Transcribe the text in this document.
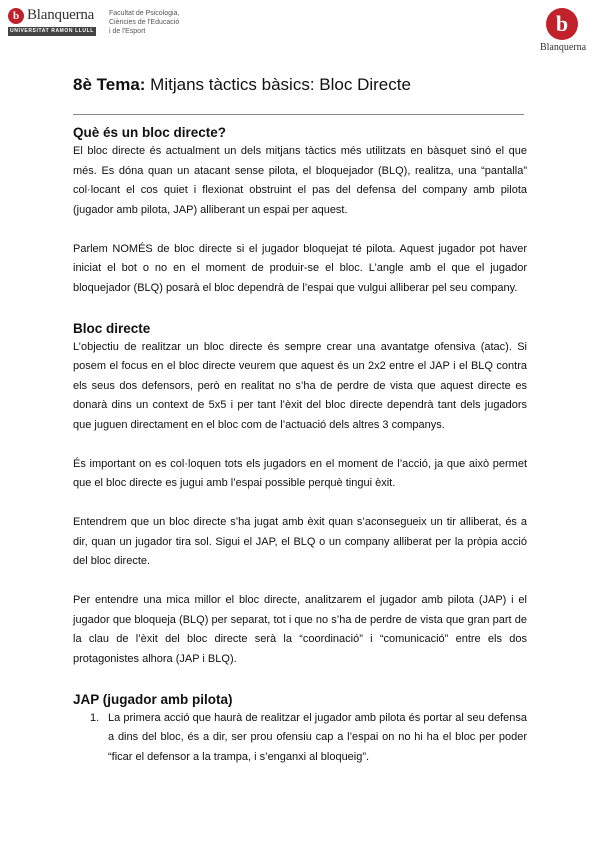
b Blanquerna
UNIVERSITAT RAMON LLULL
Facultat de Psicologia,
Ciències de l'Educació
i de l'Esport	b
Blanquerna
8è Tema: Mitjans tàctics bàsics: Bloc Directe
Què és un bloc directe?

El bloc directe és actualment un dels mitjans tàctics més utilitzats en bàsquet sinó el que més. Es dóna quan un atacant sense pilota, el bloquejador (BLQ), realitza, una “pantalla” col·locant el cos quiet i flexionat obstruint el pas del defensa del company amb pilota (jugador amb pilota, JAP) alliberant un espai per aquest.

Parlem NOMÉS de bloc directe si el jugador bloquejat té pilota. Aquest jugador pot haver iniciat el bot o no en el moment de produir-se el bloc. L’angle amb el que el jugador bloquejador (BLQ) posarà el bloc dependrà de l’espai que vulgui alliberar pel seu company.

Bloc directe

L’objectiu de realitzar un bloc directe és sempre crear una avantatge ofensiva (atac). Si posem el focus en el bloc directe veurem que aquest és un 2x2 entre el JAP i el BLQ contra els seus dos defensors, però en realitat no s’ha de perdre de vista que aquest directe es donarà dins un context de 5x5 i per tant l’èxit del bloc directe dependrà tant dels jugadors que juguen directament en el bloc com de l’actuació dels altres 3 companys.

És important on es col·loquen tots els jugadors en el moment de l’acció, ja que això permet que el bloc directe es jugui amb l’espai possible perquè tingui èxit.

Entendrem que un bloc directe s’ha jugat amb èxit quan s’aconsegueix un tir alliberat, és a dir, quan un jugador tira sol. Sigui el JAP, el BLQ o un company alliberat per la pròpia acció del bloc directe.

Per entendre una mica millor el bloc directe, analitzarem el jugador amb pilota (JAP) i el jugador que bloqueja (BLQ) per separat, tot i que no s’ha de perdre de vista que gran part de la clau de l’èxit del bloc directe serà la “coordinació” i “comunicació” entre els dos protagonistes alhora (JAP i BLQ).

JAP (jugador amb pilota)
1. La primera acció que haurà de realitzar el jugador amb pilota és portar al seu defensa a dins del bloc, és a dir, ser prou ofensiu cap a l’espai on no hi ha el bloc per poder “ficar el defensor a la trampa, i s’enganxi al bloqueig”.
